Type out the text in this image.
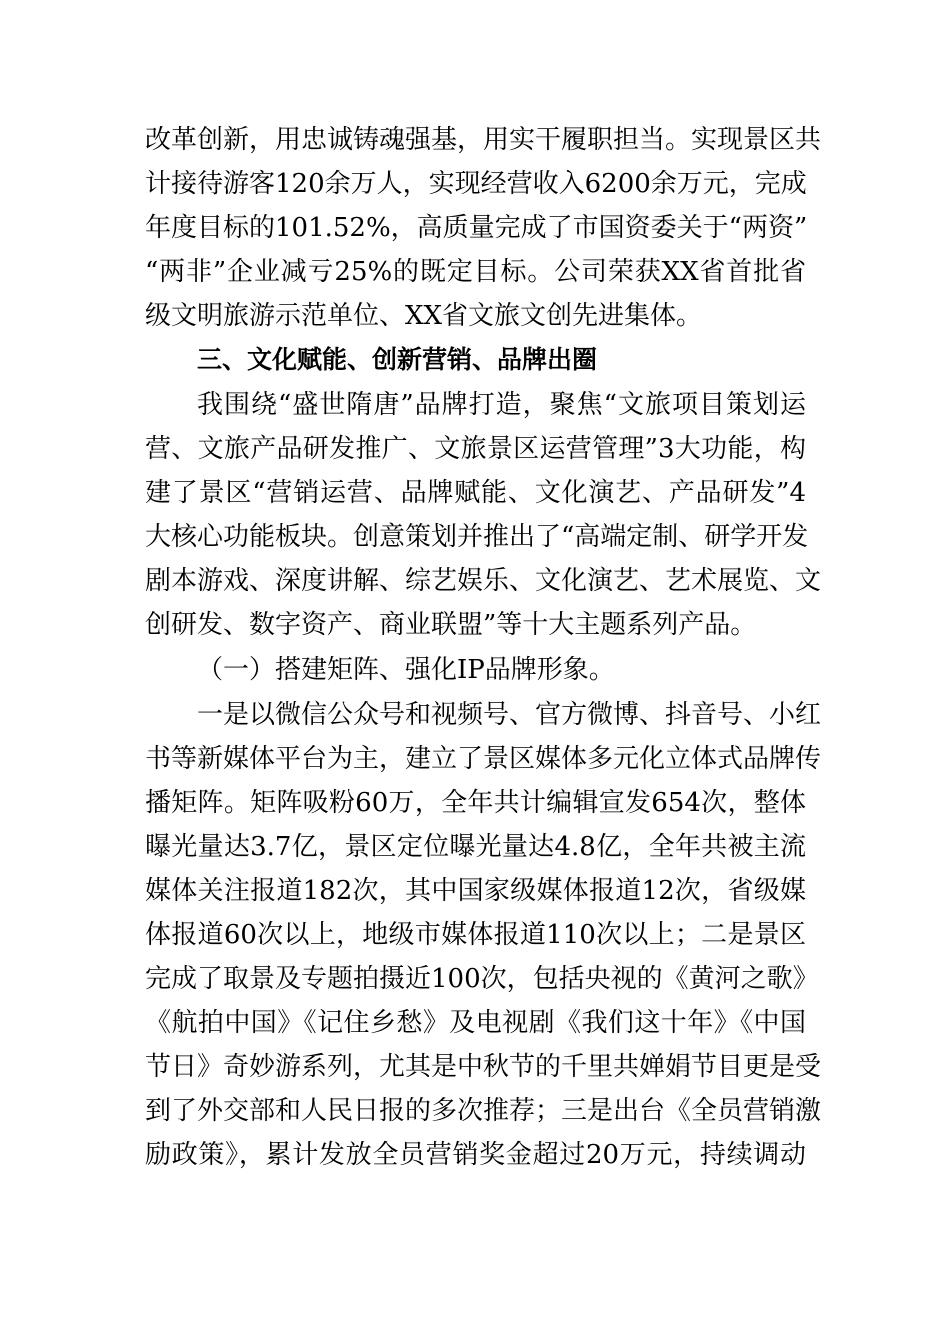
改革创新，用忠诚铸魂强基，用实干履职担当。实现景区共
计接待游客120余万人，实现经营收入6200余万元，完成
年度目标的101.52%，高质量完成了市国资委关于“两资”
“两非”企业减亏25%的既定目标。公司荣获XX省首批省
级文明旅游示范单位、XX省文旅文创先进集体。
三、文化赋能、创新营销、品牌出圈
我围绕“盛世隋唐”品牌打造，聚焦“文旅项目策划运
营、文旅产品研发推广、文旅景区运营管理”3大功能，构
建了景区“营销运营、品牌赋能、文化演艺、产品研发”4
大核心功能板块。创意策划并推出了“高端定制、研学开发
剧本游戏、深度讲解、综艺娱乐、文化演艺、艺术展览、文
创研发、数字资产、商业联盟”等十大主题系列产品。
（一）搭建矩阵、强化IP品牌形象。
一是以微信公众号和视频号、官方微博、抖音号、小红
书等新媒体平台为主，建立了景区媒体多元化立体式品牌传
播矩阵。矩阵吸粉60万，全年共计编辑宣发654次，整体
曝光量达3.7亿，景区定位曝光量达4.8亿，全年共被主流
媒体关注报道182次，其中国家级媒体报道12次，省级媒
体报道60次以上，地级市媒体报道110次以上；二是景区
完成了取景及专题拍摄近100次，包括央视的《黄河之歌》
《航拍中国》《记住乡愁》及电视剧《我们这十年》《中国
节日》奇妙游系列，尤其是中秋节的千里共婵娟节目更是受
到了外交部和人民日报的多次推荐；三是出台《全员营销激
励政策》，累计发放全员营销奖金超过20万元，持续调动
